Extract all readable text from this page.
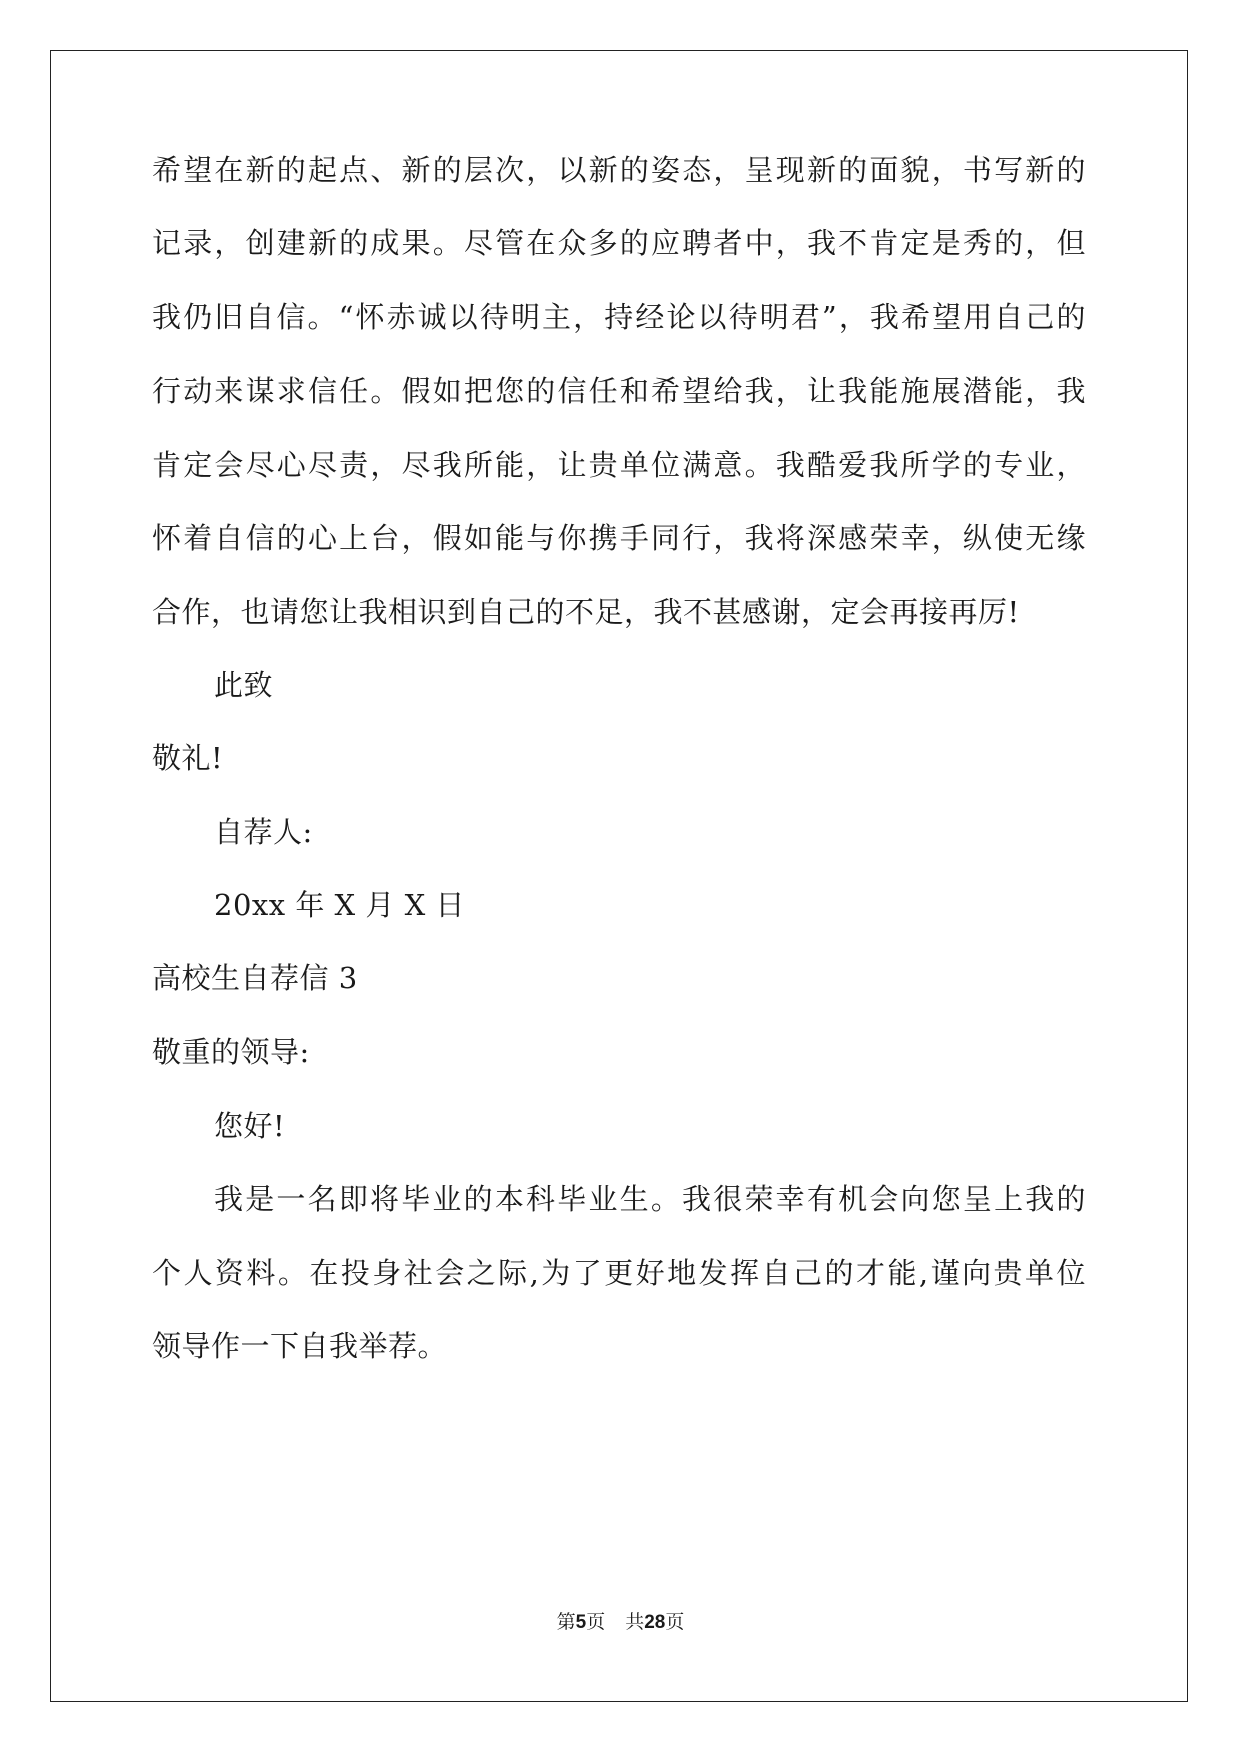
希望在新的起点、新的层次，以新的姿态，呈现新的面貌，书写新的
记录，创建新的成果。尽管在众多的应聘者中，我不肯定是秀的，但
我仍旧自信。“怀赤诚以待明主，持经论以待明君”，我希望用自己的
行动来谋求信任。假如把您的信任和希望给我，让我能施展潜能，我
肯定会尽心尽责，尽我所能，让贵单位满意。我酷爱我所学的专业，
怀着自信的心上台，假如能与你携手同行，我将深感荣幸，纵使无缘
合作，也请您让我相识到自己的不足，我不甚感谢，定会再接再厉!
此致
敬礼!
自荐人:
20xx 年 X 月 X 日
高校生自荐信 3
敬重的领导:
您好!
我是一名即将毕业的本科毕业生。我很荣幸有机会向您呈上我的
个人资料。在投身社会之际,为了更好地发挥自己的才能,谨向贵单位
领导作一下自我举荐。
第5页 共28页
